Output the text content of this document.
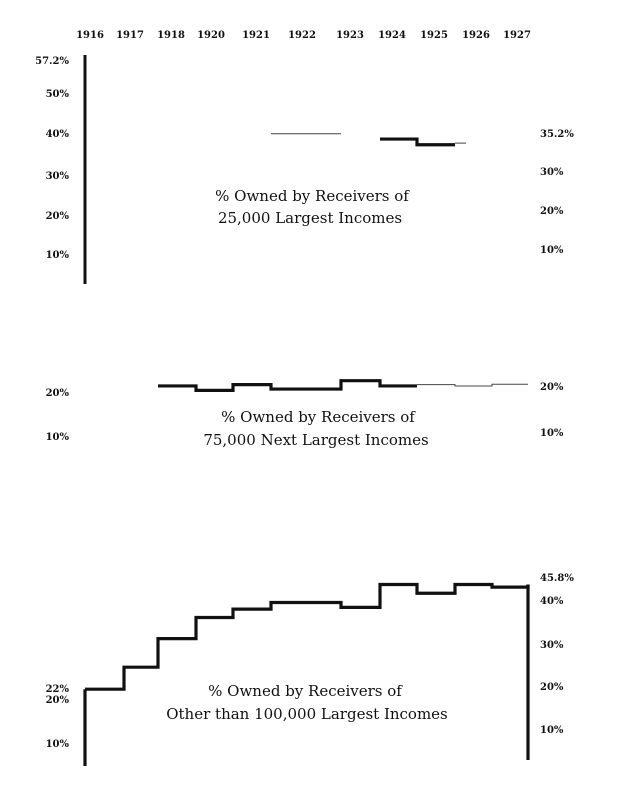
1916 1917 1918 1920 1921 1922 1923 1924 1925 1926 1927
57.2%
50%
40%
30%
20%
10%
35.2%
30%
20%
10%
% Owned by Receivers of
25,000 Largest Incomes
20%
10%
20%
10%
% Owned by Receivers of
75,000 Next Largest Incomes
22%
20%
10%
45.8%
40%
30%
20%
10%
% Owned by Receivers of
Other than 100,000 Largest Incomes
